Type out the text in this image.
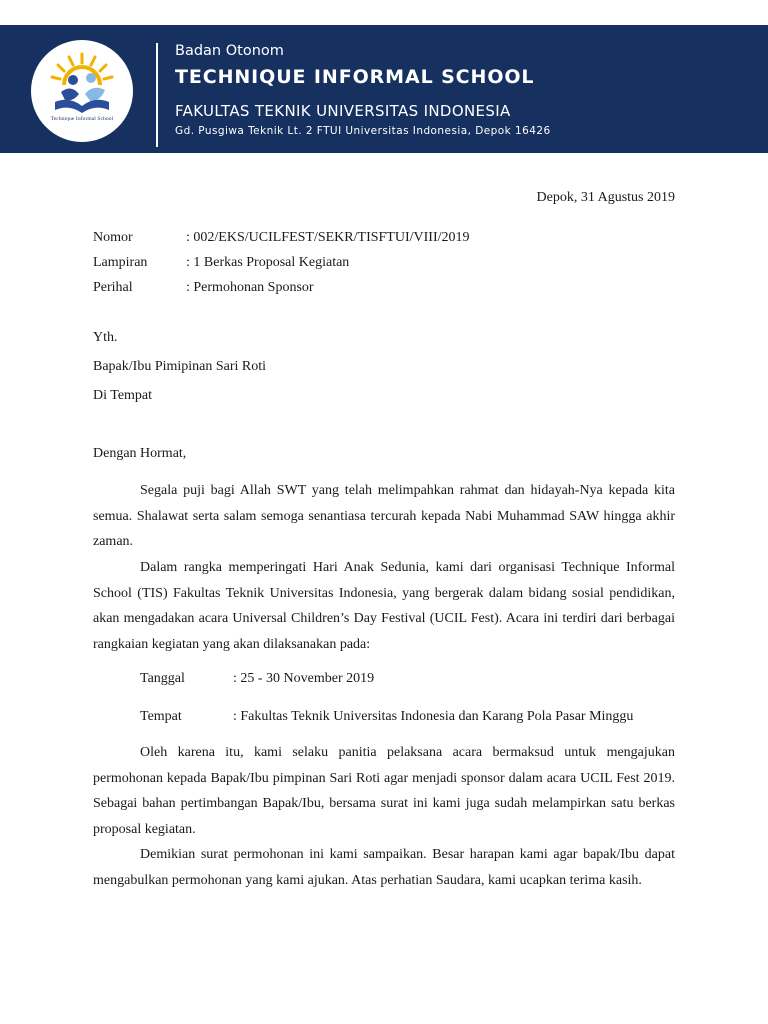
Technique Informal School
Badan Otonom
TECHNIQUE INFORMAL SCHOOL
FAKULTAS TEKNIK UNIVERSITAS INDONESIA
Gd. Pusgiwa Teknik Lt. 2 FTUI Universitas Indonesia, Depok 16426
Depok, 31 Agustus 2019
Nomor	: 002/EKS/UCILFEST/SEKR/TISFTUI/VIII/2019
Lampiran	: 1 Berkas Proposal Kegiatan
Perihal	: Permohonan Sponsor
Yth.
Bapak/Ibu Pimipinan Sari Roti
Di Tempat
Dengan Hormat,

Segala puji bagi Allah SWT yang telah melimpahkan rahmat dan hidayah-Nya kepada kita semua. Shalawat serta salam semoga senantiasa tercurah kepada Nabi Muhammad SAW hingga akhir zaman.

Dalam rangka memperingati Hari Anak Sedunia, kami dari organisasi Technique Informal School (TIS) Fakultas Teknik Universitas Indonesia, yang bergerak dalam bidang sosial pendidikan, akan mengadakan acara Universal Children’s Day Festival (UCIL Fest). Acara ini terdiri dari berbagai rangkaian kegiatan yang akan dilaksanakan pada:

Tanggal	: 25 - 30 November 2019
Tempat	: Fakultas Teknik Universitas Indonesia dan Karang Pola Pasar Minggu

Oleh karena itu, kami selaku panitia pelaksana acara bermaksud untuk mengajukan permohonan kepada Bapak/Ibu pimpinan Sari Roti agar menjadi sponsor dalam acara UCIL Fest 2019. Sebagai bahan pertimbangan Bapak/Ibu, bersama surat ini kami juga sudah melampirkan satu berkas proposal kegiatan.

Demikian surat permohonan ini kami sampaikan. Besar harapan kami agar bapak/Ibu dapat mengabulkan permohonan yang kami ajukan. Atas perhatian Saudara, kami ucapkan terima kasih.
